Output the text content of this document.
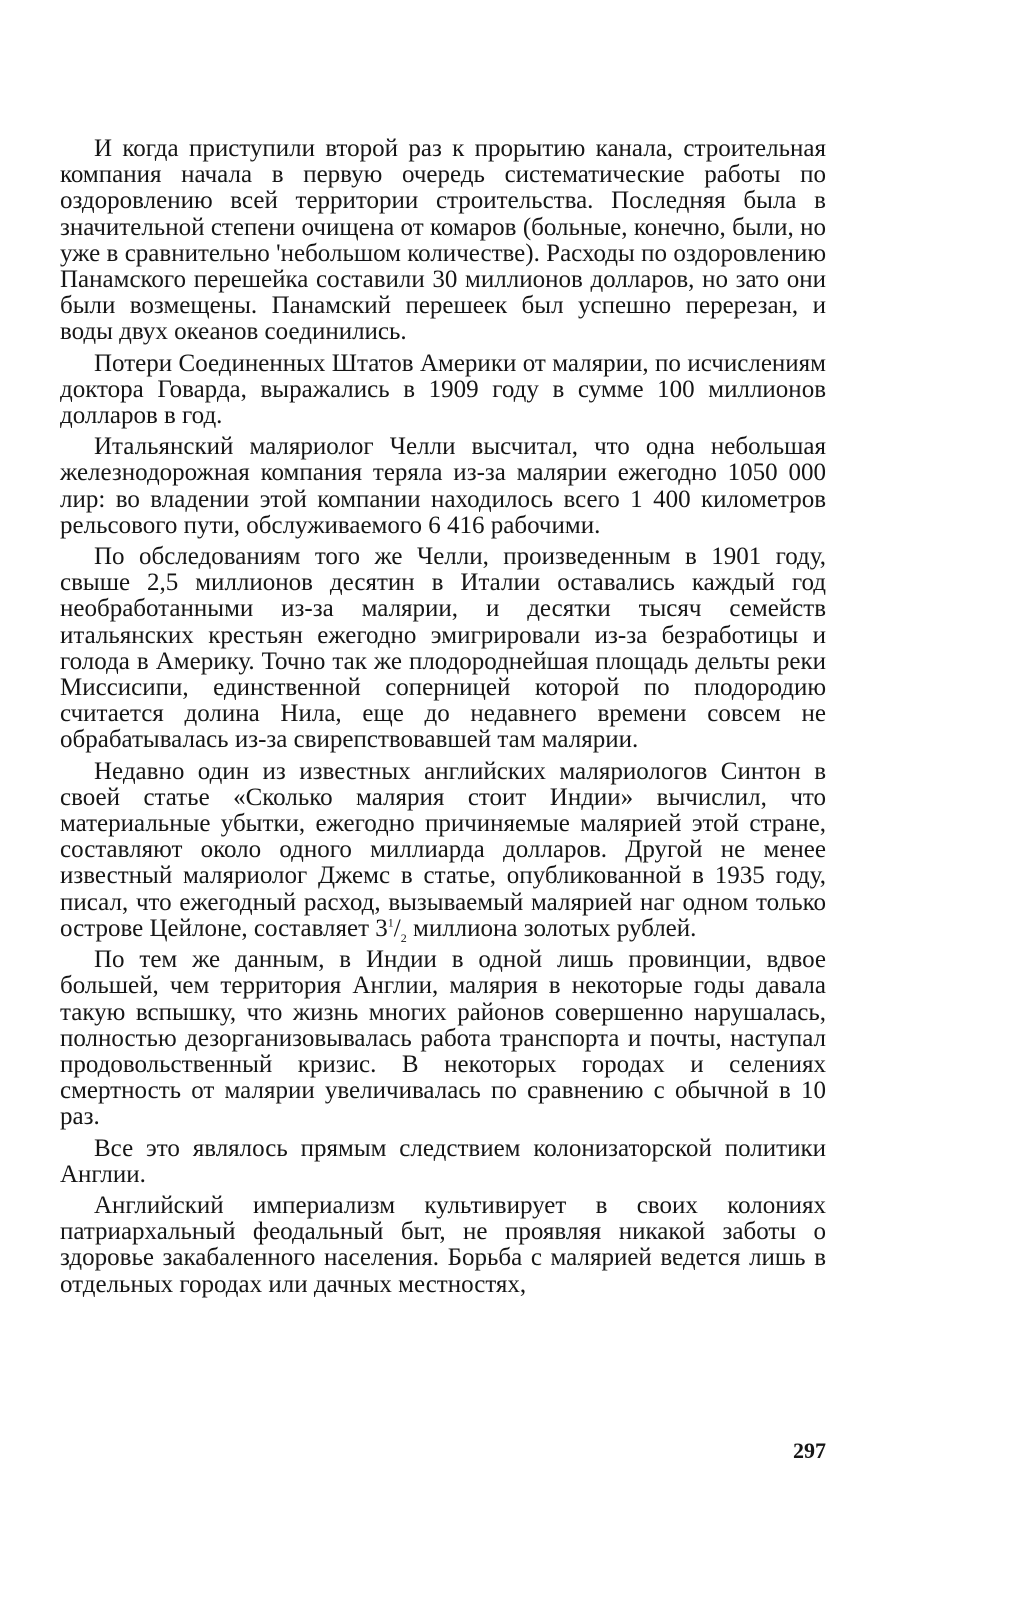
И когда приступили второй раз к прорытию канала, строительная компания начала в первую очередь систематические работы по оздоровлению всей территории строительства. Последняя была в значительной степени очищена от комаров (больные, конечно, были, но уже в сравнительно 'небольшом количестве). Расходы по оздоровлению Панамского перешейка составили 30 миллионов долларов, но зато они были возмещены. Панамский перешеек был успешно перерезан, и воды двух океанов соединились.

Потери Соединенных Штатов Америки от малярии, по исчислениям доктора Говарда, выражались в 1909 году в сумме 100 миллионов долларов в год.

Итальянский маляриолог Челли высчитал, что одна небольшая железнодорожная компания теряла из-за малярии ежегодно 1050 000 лир: во владении этой компании находилось всего 1 400 километров рельсового пути, обслуживаемого 6 416 рабочими.

По обследованиям того же Челли, произведенным в 1901 году, свыше 2,5 миллионов десятин в Италии оставались каждый год необработанными из-за малярии, и десятки тысяч семейств итальянских крестьян ежегодно эмигрировали из-за безработицы и голода в Америку. Точно так же плодороднейшая площадь дельты реки Миссисипи, единственной соперницей которой по плодородию считается долина Нила, еще до недавнего времени совсем не обрабатывалась из-за свирепствовавшей там малярии.

Недавно один из известных английских маляриологов Синтон в своей статье «Сколько малярия стоит Индии» вычислил, что материальные убытки, ежегодно причиняемые малярией этой стране, составляют около одного миллиарда долларов. Другой не менее известный маляриолог Джемс в статье, опубликованной в 1935 году, писал, что ежегодный расход, вызываемый малярией наг одном только острове Цейлоне, составляет $3^1/_2$ миллиона золотых рублей.

По тем же данным, в Индии в одной лишь провинции, вдвое большей, чем территория Англии, малярия в некоторые годы давала такую вспышку, что жизнь многих районов совершенно нарушалась, полностью дезорганизовывалась работа транспорта и почты, наступал продовольственный кризис. В некоторых городах и селениях смертность от малярии увеличивалась по сравнению с обычной в 10 раз.

Все это являлось прямым следствием колонизаторской политики Англии.

Английский империализм культивирует в своих колониях патриархальный феодальный быт, не проявляя никакой заботы о здоровье закабаленного населения. Борьба с малярией ведется лишь в отдельных городах или дачных местностях,

297
